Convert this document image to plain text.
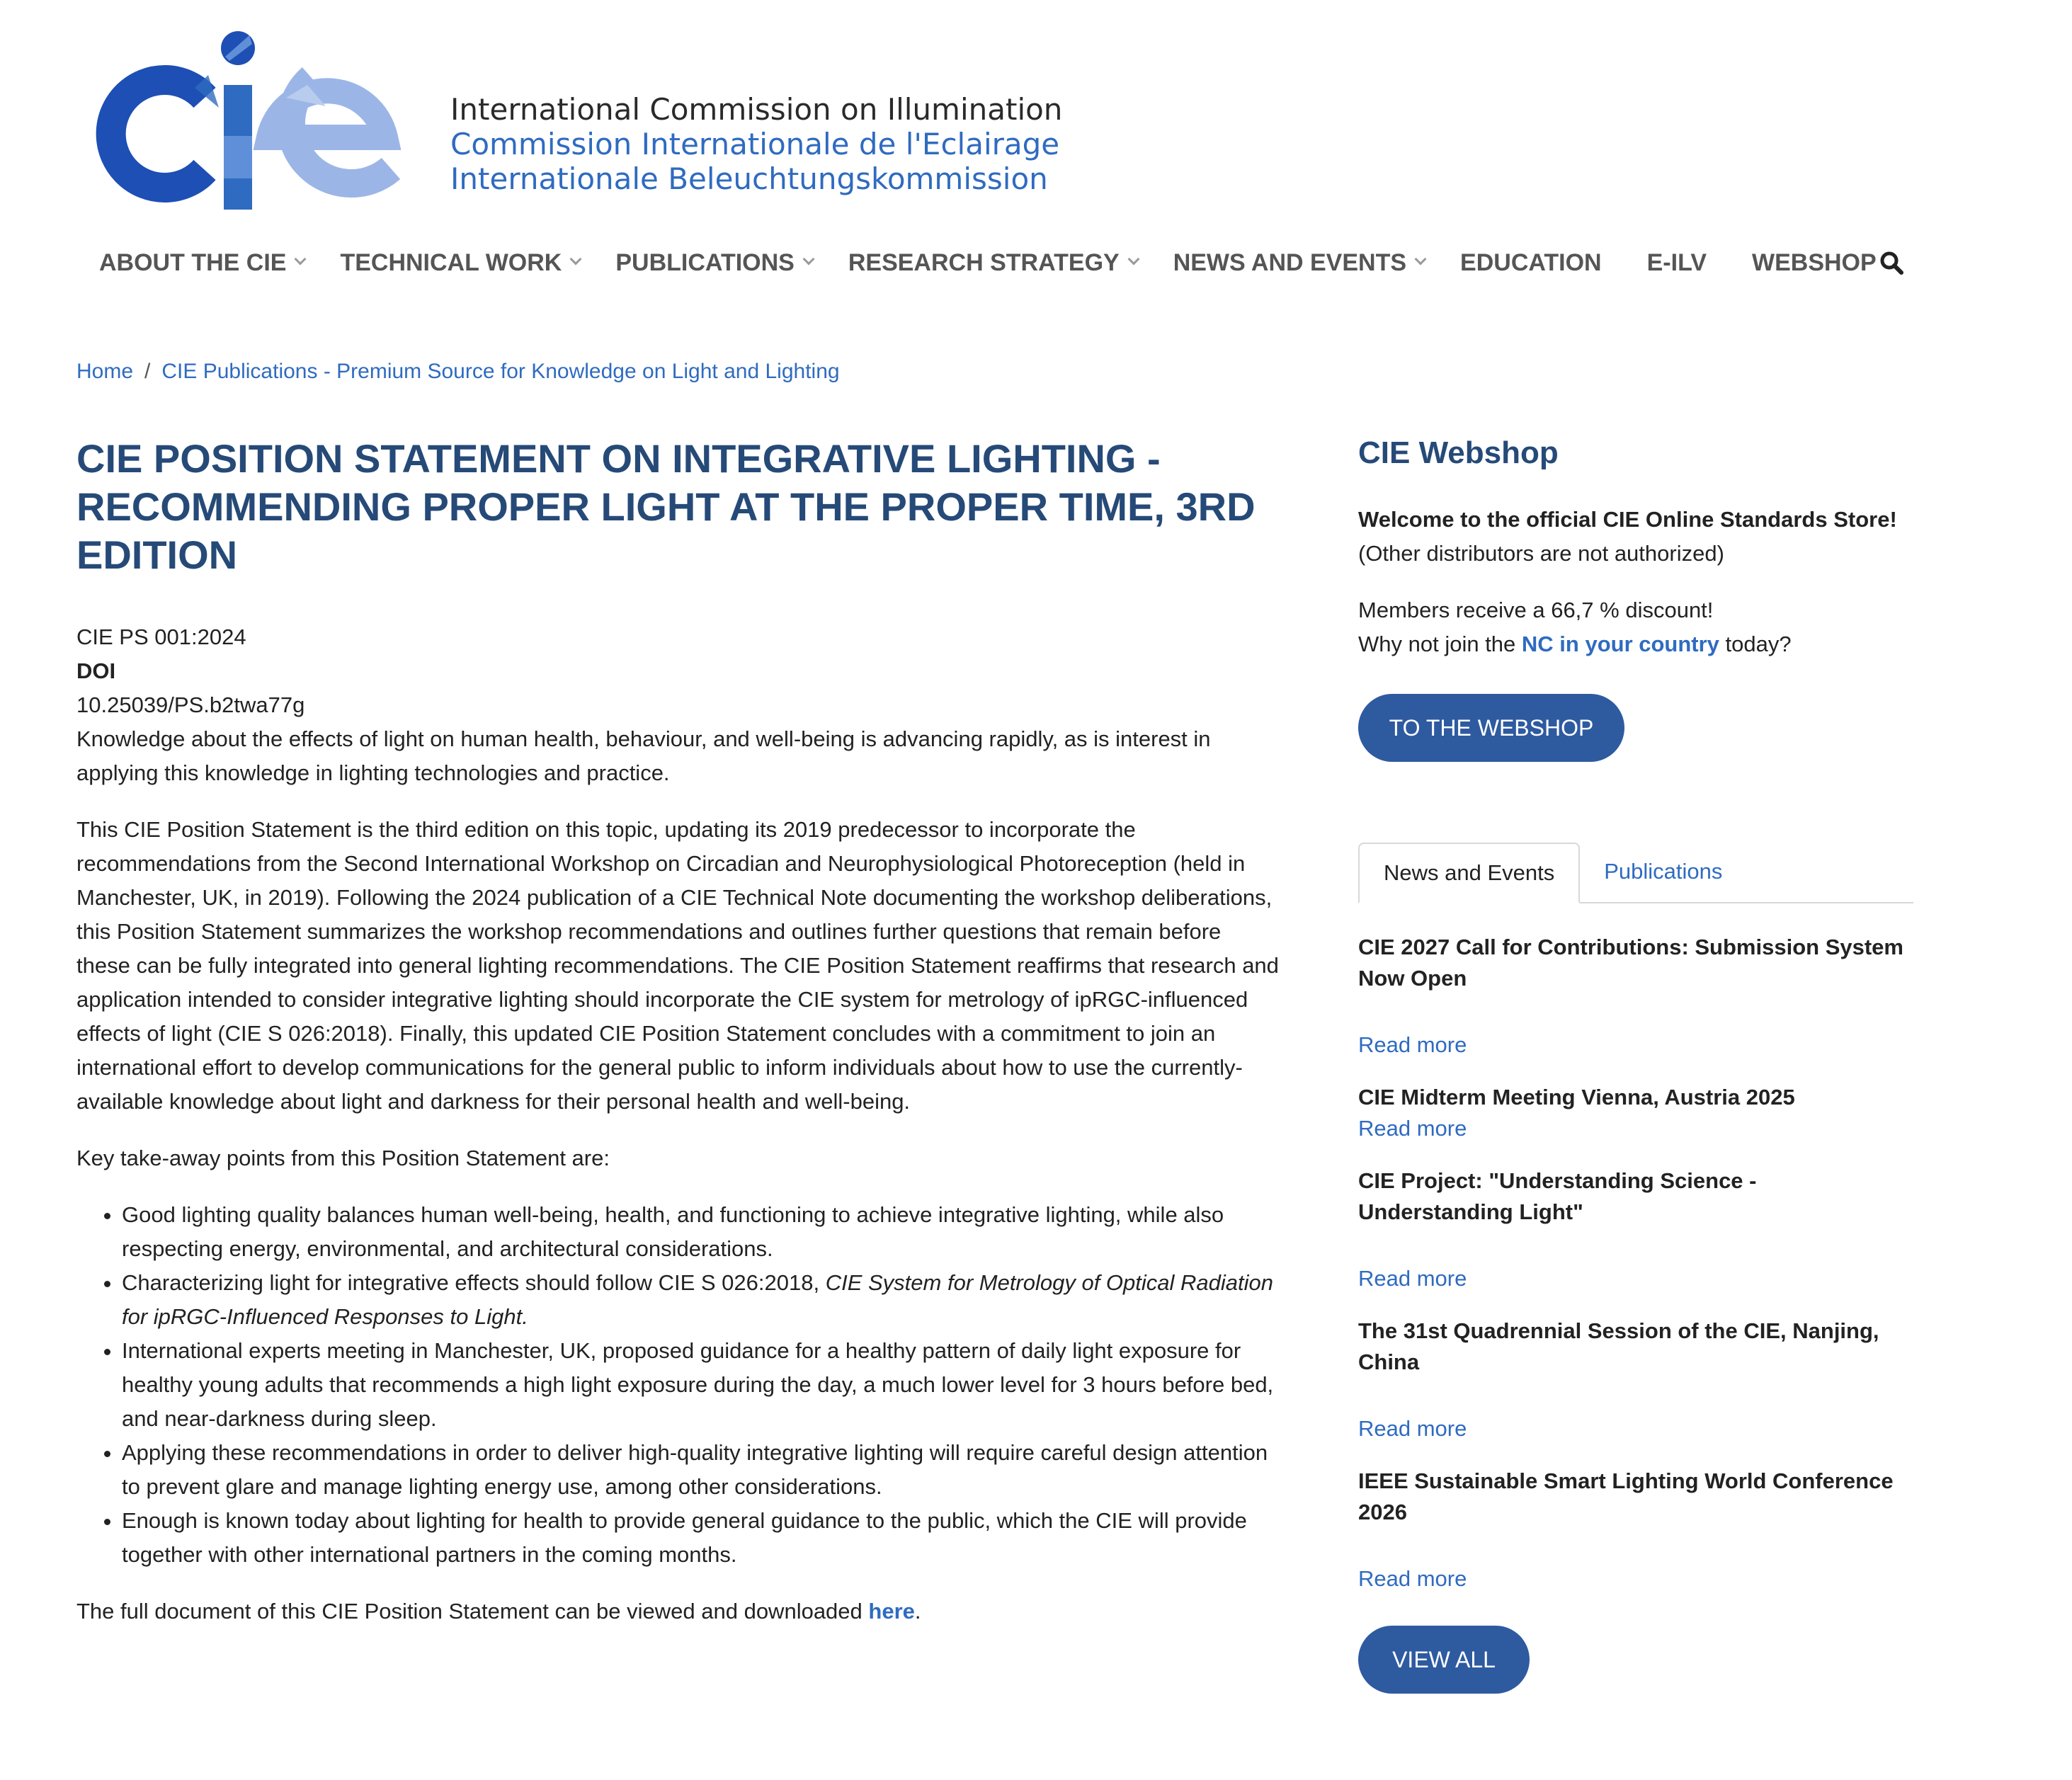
International Commission on Illumination
Commission Internationale de l'Eclairage
Internationale Beleuchtungskommission
ABOUT THE CIE TECHNICAL WORK PUBLICATIONS RESEARCH STRATEGY NEWS AND EVENTS EDUCATION E-ILV WEBSHOP
Home / CIE Publications - Premium Source for Knowledge on Light and Lighting
CIE POSITION STATEMENT ON INTEGRATIVE LIGHTING - RECOMMENDING PROPER LIGHT AT THE PROPER TIME, 3RD EDITION
CIE PS 001:2024
DOI
10.25039/PS.b2twa77g
Knowledge about the effects of light on human health, behaviour, and well-being is advancing rapidly, as is interest in applying this knowledge in lighting technologies and practice.

This CIE Position Statement is the third edition on this topic, updating its 2019 predecessor to incorporate the recommendations from the Second International Workshop on Circadian and Neurophysiological Photoreception (held in Manchester, UK, in 2019). Following the 2024 publication of a CIE Technical Note documenting the workshop deliberations, this Position Statement summarizes the workshop recommendations and outlines further questions that remain before these can be fully integrated into general lighting recommendations. The CIE Position Statement reaffirms that research and application intended to consider integrative lighting should incorporate the CIE system for metrology of ipRGC-influenced effects of light (CIE S 026:2018). Finally, this updated CIE Position Statement concludes with a commitment to join an international effort to develop communications for the general public to inform individuals about how to use the currently-available knowledge about light and darkness for their personal health and well-being.

Key take-away points from this Position Statement are:

• Good lighting quality balances human well-being, health, and functioning to achieve integrative lighting, while also respecting energy, environmental, and architectural considerations.
• Characterizing light for integrative effects should follow CIE S 026:2018, CIE System for Metrology of Optical Radiation for ipRGC-Influenced Responses to Light.
• International experts meeting in Manchester, UK, proposed guidance for a healthy pattern of daily light exposure for healthy young adults that recommends a high light exposure during the day, a much lower level for 3 hours before bed, and near-darkness during sleep.
• Applying these recommendations in order to deliver high-quality integrative lighting will require careful design attention to prevent glare and manage lighting energy use, among other considerations.
• Enough is known today about lighting for health to provide general guidance to the public, which the CIE will provide together with other international partners in the coming months.

The full document of this CIE Position Statement can be viewed and downloaded here.

CIE Webshop
Welcome to the official CIE Online Standards Store!
(Other distributors are not authorized)
Members receive a 66,7 % discount!
Why not join the NC in your country today?
TO THE WEBSHOP
News and Events	Publications
CIE 2027 Call for Contributions: Submission System Now Open
Read more
CIE Midterm Meeting Vienna, Austria 2025
Read more
CIE Project: "Understanding Science - Understanding Light"
Read more
The 31st Quadrennial Session of the CIE, Nanjing, China
Read more
IEEE Sustainable Smart Lighting World Conference 2026
Read more
VIEW ALL
